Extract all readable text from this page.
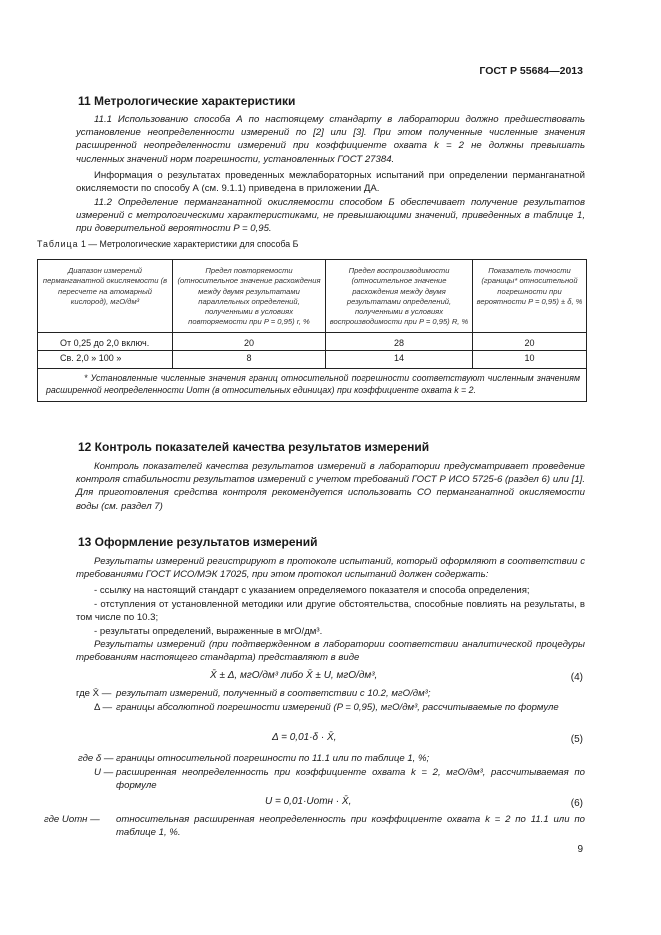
ГОСТ Р 55684—2013
11 Метрологические характеристики
11.1 Использованию способа А по настоящему стандарту в лаборатории должно предшествовать установление неопределенности измерений по [2] или [3]. При этом полученные численные значения расширенной неопределенности измерений при коэффициенте охвата k = 2 не должны превышать численных значений норм погрешности, установленных ГОСТ 27384.
Информация о результатах проведенных межлабораторных испытаний при определении перманганатной окисляемости по способу А (см. 9.1.1) приведена в приложении ДА.
11.2 Определение перманганатной окисляемости способом Б обеспечивает получение результатов измерений с метрологическими характеристиками, не превышающими значений, приведенных в таблице 1, при доверительной вероятности P = 0,95.
Таблица 1 — Метрологические характеристики для способа Б
Диапазон измерений перманганатной окисляемости (в пересчете на атомарный кислород), мгО/дм³	Предел повторяемости (относительное значение расхождения между двумя результатами параллельных определений, полученными в условиях повторяемости при P = 0,95) r, %	Предел воспроизводимости (относительное значение расхождения между двумя результатами определений, полученными в условиях воспроизводимости при P = 0,95) R, %	Показатель точности (границы* относительной погрешности при вероятности P = 0,95) ± δ, %
От 0,25 до 2,0 включ.	20	28	20
Св. 2,0 » 100 »	8	14	10
* Установленные численные значения границ относительной погрешности соответствуют численным значениям расширенной неопределенности Uотн (в относительных единицах) при коэффициенте охвата k = 2.			
12 Контроль показателей качества результатов измерений
Контроль показателей качества результатов измерений в лаборатории предусматривает проведение контроля стабильности результатов измерений с учетом требований ГОСТ Р ИСО 5725-6 (раздел 6) или [1]. Для приготовления средства контроля рекомендуется использовать СО перманганатной окисляемости воды (см. раздел 7)
13 Оформление результатов измерений
Результаты измерений регистрируют в протоколе испытаний, который оформляют в соответствии с требованиями ГОСТ ИСО/МЭК 17025, при этом протокол испытаний должен содержать:
- ссылку на настоящий стандарт с указанием определяемого показателя и способа определения;
- отступления от установленной методики или другие обстоятельства, способные повлиять на результаты, в том числе по 10.3;
- результаты определений, выраженные в мгО/дм³.
Результаты измерений (при подтвержденном в лаборатории соответствии аналитической процедуры требованиям настоящего стандарта) представляют в виде
X̄ ± Δ, мгО/дм³ либо X̄ ± U, мгО/дм³,	(4)
где X̄ — результат измерений, полученный в соответствии с 10.2, мгО/дм³;
Δ — границы абсолютной погрешности измерений (P = 0,95), мгО/дм³, рассчитываемые по формуле
Δ = 0,01·δ · X̄,	(5)
где δ — границы относительной погрешности по 11.1 или по таблице 1, %;
U — расширенная неопределенность при коэффициенте охвата k = 2, мгО/дм³, рассчитываемая по формуле
U = 0,01·Uотн · X̄,	(6)
где Uотн — относительная расширенная неопределенность при коэффициенте охвата k = 2 по 11.1 или по таблице 1, %.
9
